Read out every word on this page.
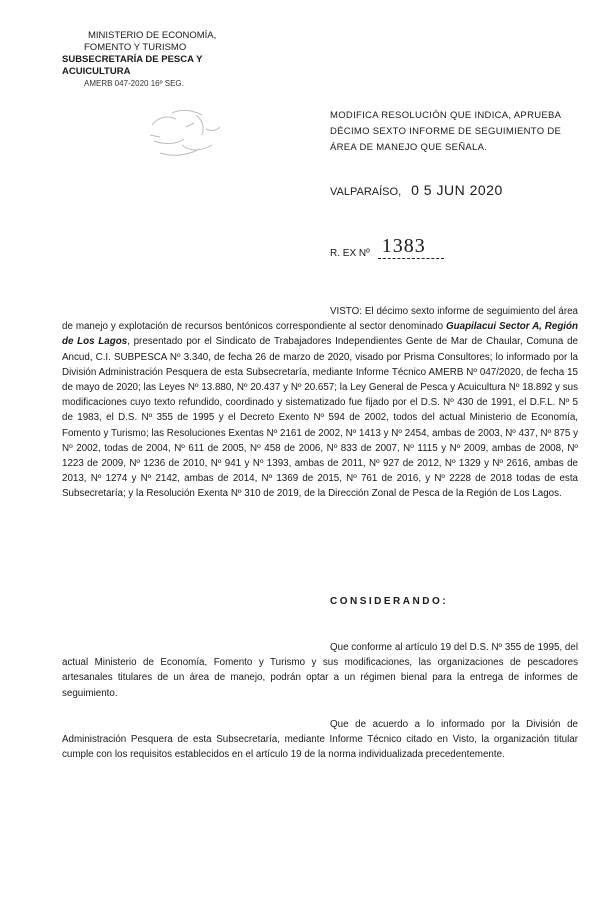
MINISTERIO DE ECONOMÍA,
FOMENTO Y TURISMO
SUBSECRETARÍA DE PESCA Y ACUICULTURA
AMERB 047-2020 16º SEG.
MODIFICA RESOLUCIÓN QUE INDICA, APRUEBA DÉCIMO SEXTO INFORME DE SEGUIMIENTO DE ÁREA DE MANEJO QUE SEÑALA.
VALPARAÍSO, 0 5 JUN 2020
R. EX Nº 1383
VISTO: El décimo sexto informe de seguimiento del área de manejo y explotación de recursos bentónicos correspondiente al sector denominado Guapilacui Sector A, Región de Los Lagos, presentado por el Sindicato de Trabajadores Independientes Gente de Mar de Chaular, Comuna de Ancud, C.I. SUBPESCA Nº 3.340, de fecha 26 de marzo de 2020, visado por Prisma Consultores; lo informado por la División Administración Pesquera de esta Subsecretaría, mediante Informe Técnico AMERB Nº 047/2020, de fecha 15 de mayo de 2020; las Leyes Nº 13.880, Nº 20.437 y Nº 20.657; la Ley General de Pesca y Acuicultura Nº 18.892 y sus modificaciones cuyo texto refundido, coordinado y sistematizado fue fijado por el D.S. Nº 430 de 1991, el D.F.L. Nº 5 de 1983, el D.S. Nº 355 de 1995 y el Decreto Exento Nº 594 de 2002, todos del actual Ministerio de Economía, Fomento y Turismo; las Resoluciones Exentas Nº 2161 de 2002, Nº 1413 y Nº 2454, ambas de 2003, Nº 437, Nº 875 y Nº 2002, todas de 2004, Nº 611 de 2005, Nº 458 de 2006, Nº 833 de 2007, Nº 1115 y Nº 2009, ambas de 2008, Nº 1223 de 2009, Nº 1236 de 2010, Nº 941 y Nº 1393, ambas de 2011, Nº 927 de 2012, Nº 1329 y Nº 2616, ambas de 2013, Nº 1274 y Nº 2142, ambas de 2014, Nº 1369 de 2015, Nº 761 de 2016, y Nº 2228 de 2018 todas de esta Subsecretaría; y la Resolución Exenta Nº 310 de 2019, de la Dirección Zonal de Pesca de la Región de Los Lagos.
CONSIDERANDO:
Que conforme al artículo 19 del D.S. Nº 355 de 1995, del actual Ministerio de Economía, Fomento y Turismo y sus modificaciones, las organizaciones de pescadores artesanales titulares de un área de manejo, podrán optar a un régimen bienal para la entrega de informes de seguimiento.
Que de acuerdo a lo informado por la División de Administración Pesquera de esta Subsecretaría, mediante Informe Técnico citado en Visto, la organización titular cumple con los requisitos establecidos en el artículo 19 de la norma individualizada precedentemente.
